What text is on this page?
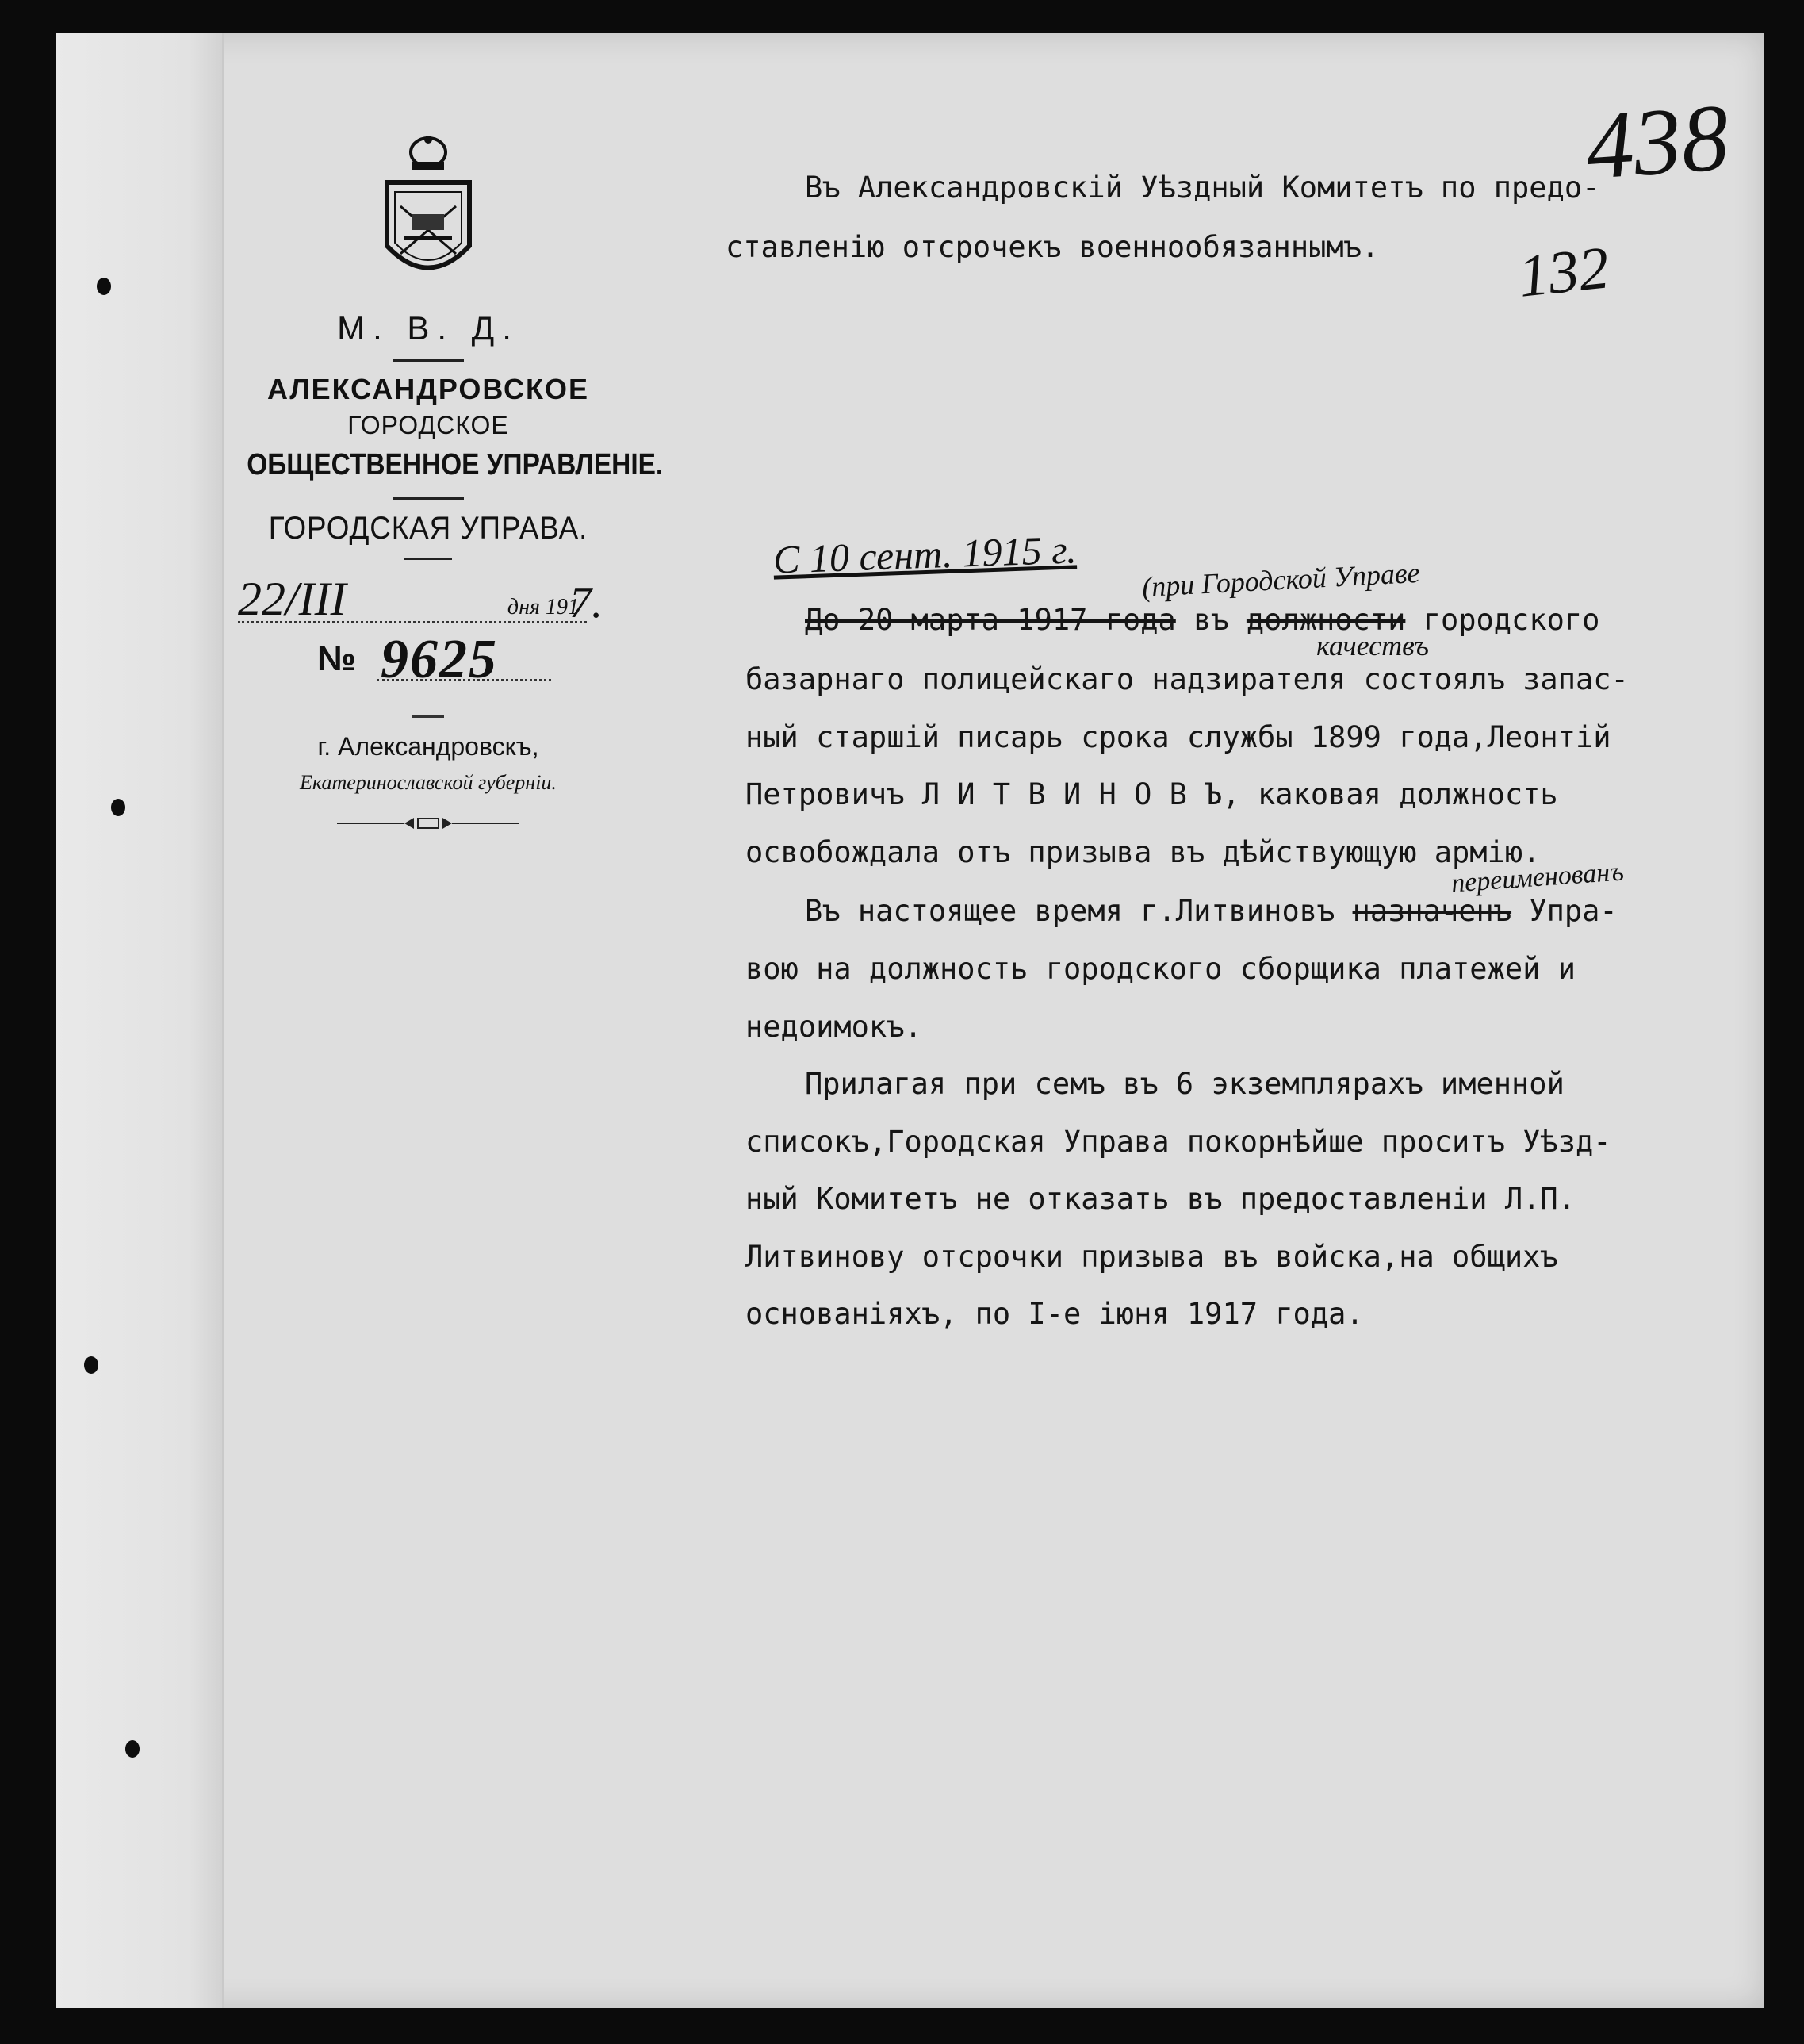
М. В. Д.
АЛЕКСАНДРОВСКОЕ
ГОРОДСКОЕ
ОБЩЕСТВЕННОЕ УПРАВЛЕНІЕ.
ГОРОДСКАЯ УПРАВА.
22/III	дня 191
7.
№ 9625
г. Александровскъ,
Екатеринославской губерніи.
438
132
Въ Александровскій Уѣздный Комитетъ по предо-
ставленію отсрочекъ военнообязаннымъ.
С 10 сент. 1915 г. (при Городской Управе
качествъ
переименованъ
До 20 марта 1917 года въ должности городского
базарнаго полицейскаго надзирателя состоялъ запас-
ный старшій писарь срока службы 1899 года,Леонтій
Петровичъ Л И Т В И Н О В Ъ, каковая должность
освобождала отъ призыва въ дѣйствующую армію.
Въ настоящее время г.Литвиновъ назначенъ Упра-
вою на должность городского сборщика платежей и
недоимокъ.
Прилагая при семъ въ 6 экземплярахъ именной
списокъ,Городская Управа покорнѣйше проситъ Уѣзд-
ный Комитетъ не отказать въ предоставленіи Л.П.
Литвинову отсрочки призыва въ войска,на общихъ
основаніяхъ, по I-е іюня 1917 года.
